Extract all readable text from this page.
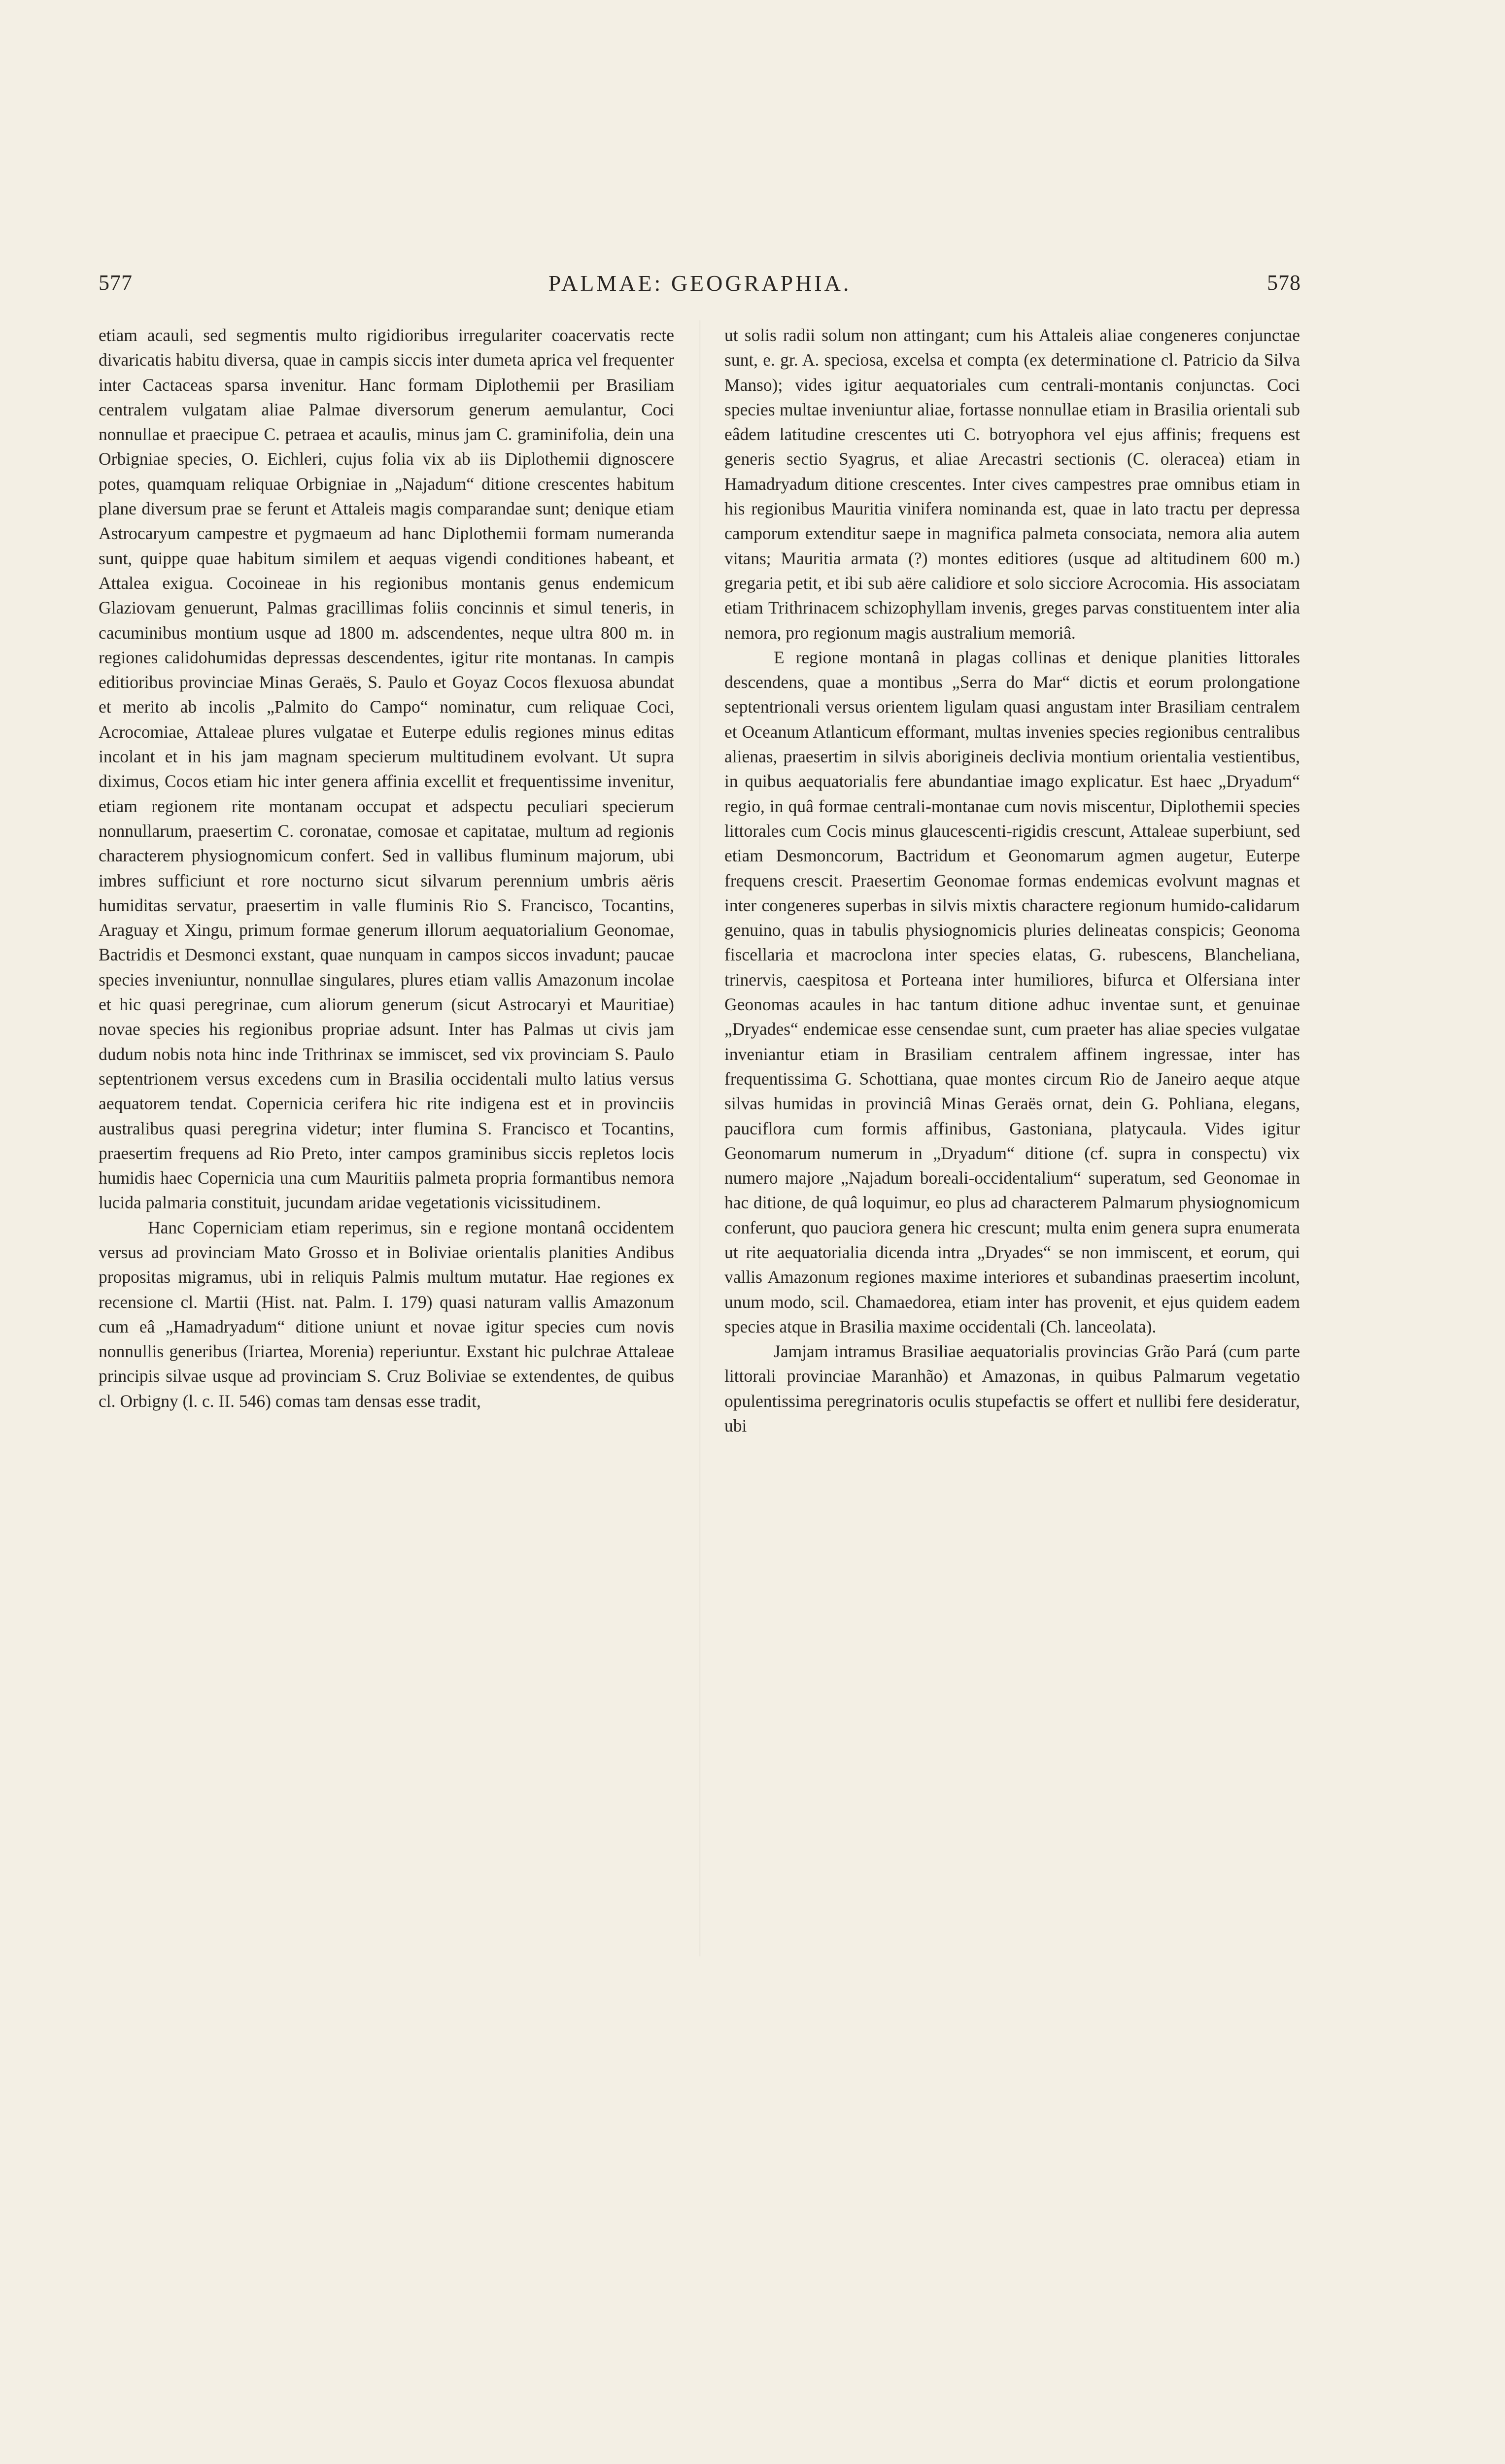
577	PALMAE: GEOGRAPHIA.	578

etiam acauli, sed segmentis multo rigidioribus irregulariter coacervatis recte divaricatis habitu diversa, quae in campis siccis inter dumeta aprica vel frequenter inter Cactaceas sparsa invenitur. Hanc formam Diplothemii per Brasiliam centralem vulgatam aliae Palmae diversorum generum aemulantur, Coci nonnullae et praecipue C. petraea et acaulis, minus jam C. graminifolia, dein una Orbigniae species, O. Eichleri, cujus folia vix ab iis Diplothemii dignoscere potes, quamquam reliquae Orbigniae in „Najadum“ ditione crescentes habitum plane diversum prae se ferunt et Attaleis magis comparandae sunt; denique etiam Astrocaryum campestre et pygmaeum ad hanc Diplothemii formam numeranda sunt, quippe quae habitum similem et aequas vigendi conditiones habeant, et Attalea exigua. Cocoineae in his regionibus montanis genus endemicum Glaziovam genuerunt, Palmas gracillimas foliis concinnis et simul teneris, in cacuminibus montium usque ad 1800 m. adscendentes, neque ultra 800 m. in regiones calidohumidas depressas descendentes, igitur rite montanas. In campis editioribus provinciae Minas Geraës, S. Paulo et Goyaz Cocos flexuosa abundat et merito ab incolis „Palmito do Campo“ nominatur, cum reliquae Coci, Acrocomiae, Attaleae plures vulgatae et Euterpe edulis regiones minus editas incolant et in his jam magnam specierum multitudinem evolvant. Ut supra diximus, Cocos etiam hic inter genera affinia excellit et frequentissime invenitur, etiam regionem rite montanam occupat et adspectu peculiari specierum nonnullarum, praesertim C. coronatae, comosae et capitatae, multum ad regionis characterem physiognomicum confert. Sed in vallibus fluminum majorum, ubi imbres sufficiunt et rore nocturno sicut silvarum perennium umbris aëris humiditas servatur, praesertim in valle fluminis Rio S. Francisco, Tocantins, Araguay et Xingu, primum formae generum illorum aequatorialium Geonomae, Bactridis et Desmonci exstant, quae nunquam in campos siccos invadunt; paucae species inveniuntur, nonnullae singulares, plures etiam vallis Amazonum incolae et hic quasi peregrinae, cum aliorum generum (sicut Astrocaryi et Mauritiae) novae species his regionibus propriae adsunt. Inter has Palmas ut civis jam dudum nobis nota hinc inde Trithrinax se immiscet, sed vix provinciam S. Paulo septentrionem versus excedens cum in Brasilia occidentali multo latius versus aequatorem tendat. Copernicia cerifera hic rite indigena est et in provinciis australibus quasi peregrina videtur; inter flumina S. Francisco et Tocantins, praesertim frequens ad Rio Preto, inter campos graminibus siccis repletos locis humidis haec Copernicia una cum Mauritiis palmeta propria formantibus nemora lucida palmaria constituit, jucundam aridae vegetationis vicissitudinem.

Hanc Coperniciam etiam reperimus, sin e regione montanâ occidentem versus ad provinciam Mato Grosso et in Boliviae orientalis planities Andibus propositas migramus, ubi in reliquis Palmis multum mutatur. Hae regiones ex recensione cl. Martii (Hist. nat. Palm. I. 179) quasi naturam vallis Amazonum cum eâ „Hamadryadum“ ditione uniunt et novae igitur species cum novis nonnullis generibus (Iriartea, Morenia) reperiuntur. Exstant hic pulchrae Attaleae principis silvae usque ad provinciam S. Cruz Boliviae se extendentes, de quibus cl. Orbigny (l. c. II. 546) comas tam densas esse tradit,

ut solis radii solum non attingant; cum his Attaleis aliae congeneres conjunctae sunt, e. gr. A. speciosa, excelsa et compta (ex determinatione cl. Patricio da Silva Manso); vides igitur aequatoriales cum centrali-montanis conjunctas. Coci species multae inveniuntur aliae, fortasse nonnullae etiam in Brasilia orientali sub eâdem latitudine crescentes uti C. botryophora vel ejus affinis; frequens est generis sectio Syagrus, et aliae Arecastri sectionis (C. oleracea) etiam in Hamadryadum ditione crescentes. Inter cives campestres prae omnibus etiam in his regionibus Mauritia vinifera nominanda est, quae in lato tractu per depressa camporum extenditur saepe in magnifica palmeta consociata, nemora alia autem vitans; Mauritia armata (?) montes editiores (usque ad altitudinem 600 m.) gregaria petit, et ibi sub aëre calidiore et solo sicciore Acrocomia. His associatam etiam Trithrinacem schizophyllam invenis, greges parvas constituentem inter alia nemora, pro regionum magis australium memoriâ.

E regione montanâ in plagas collinas et denique planities littorales descendens, quae a montibus „Serra do Mar“ dictis et eorum prolongatione septentrionali versus orientem ligulam quasi angustam inter Brasiliam centralem et Oceanum Atlanticum efformant, multas invenies species regionibus centralibus alienas, praesertim in silvis aborigineis declivia montium orientalia vestientibus, in quibus aequatorialis fere abundantiae imago explicatur. Est haec „Dryadum“ regio, in quâ formae centrali-montanae cum novis miscentur, Diplothemii species littorales cum Cocis minus glaucescenti-rigidis crescunt, Attaleae superbiunt, sed etiam Desmoncorum, Bactridum et Geonomarum agmen augetur, Euterpe frequens crescit. Praesertim Geonomae formas endemicas evolvunt magnas et inter congeneres superbas in silvis mixtis charactere regionum humido-calidarum genuino, quas in tabulis physiognomicis pluries delineatas conspicis; Geonoma fiscellaria et macroclona inter species elatas, G. rubescens, Blancheliana, trinervis, caespitosa et Porteana inter humiliores, bifurca et Olfersiana inter Geonomas acaules in hac tantum ditione adhuc inventae sunt, et genuinae „Dryades“ endemicae esse censendae sunt, cum praeter has aliae species vulgatae inveniantur etiam in Brasiliam centralem affinem ingressae, inter has frequentissima G. Schottiana, quae montes circum Rio de Janeiro aeque atque silvas humidas in provinciâ Minas Geraës ornat, dein G. Pohliana, elegans, pauciflora cum formis affinibus, Gastoniana, platycaula. Vides igitur Geonomarum numerum in „Dryadum“ ditione (cf. supra in conspectu) vix numero majore „Najadum boreali-occidentalium“ superatum, sed Geonomae in hac ditione, de quâ loquimur, eo plus ad characterem Palmarum physiognomicum conferunt, quo pauciora genera hic crescunt; multa enim genera supra enumerata ut rite aequatorialia dicenda intra „Dryades“ se non immiscent, et eorum, qui vallis Amazonum regiones maxime interiores et subandinas praesertim incolunt, unum modo, scil. Chamaedorea, etiam inter has provenit, et ejus quidem eadem species atque in Brasilia maxime occidentali (Ch. lanceolata).

Jamjam intramus Brasiliae aequatorialis provincias Grão Pará (cum parte littorali provinciae Maranhão) et Amazonas, in quibus Palmarum vegetatio opulentissima peregrinatoris oculis stupefactis se offert et nullibi fere desideratur, ubi
